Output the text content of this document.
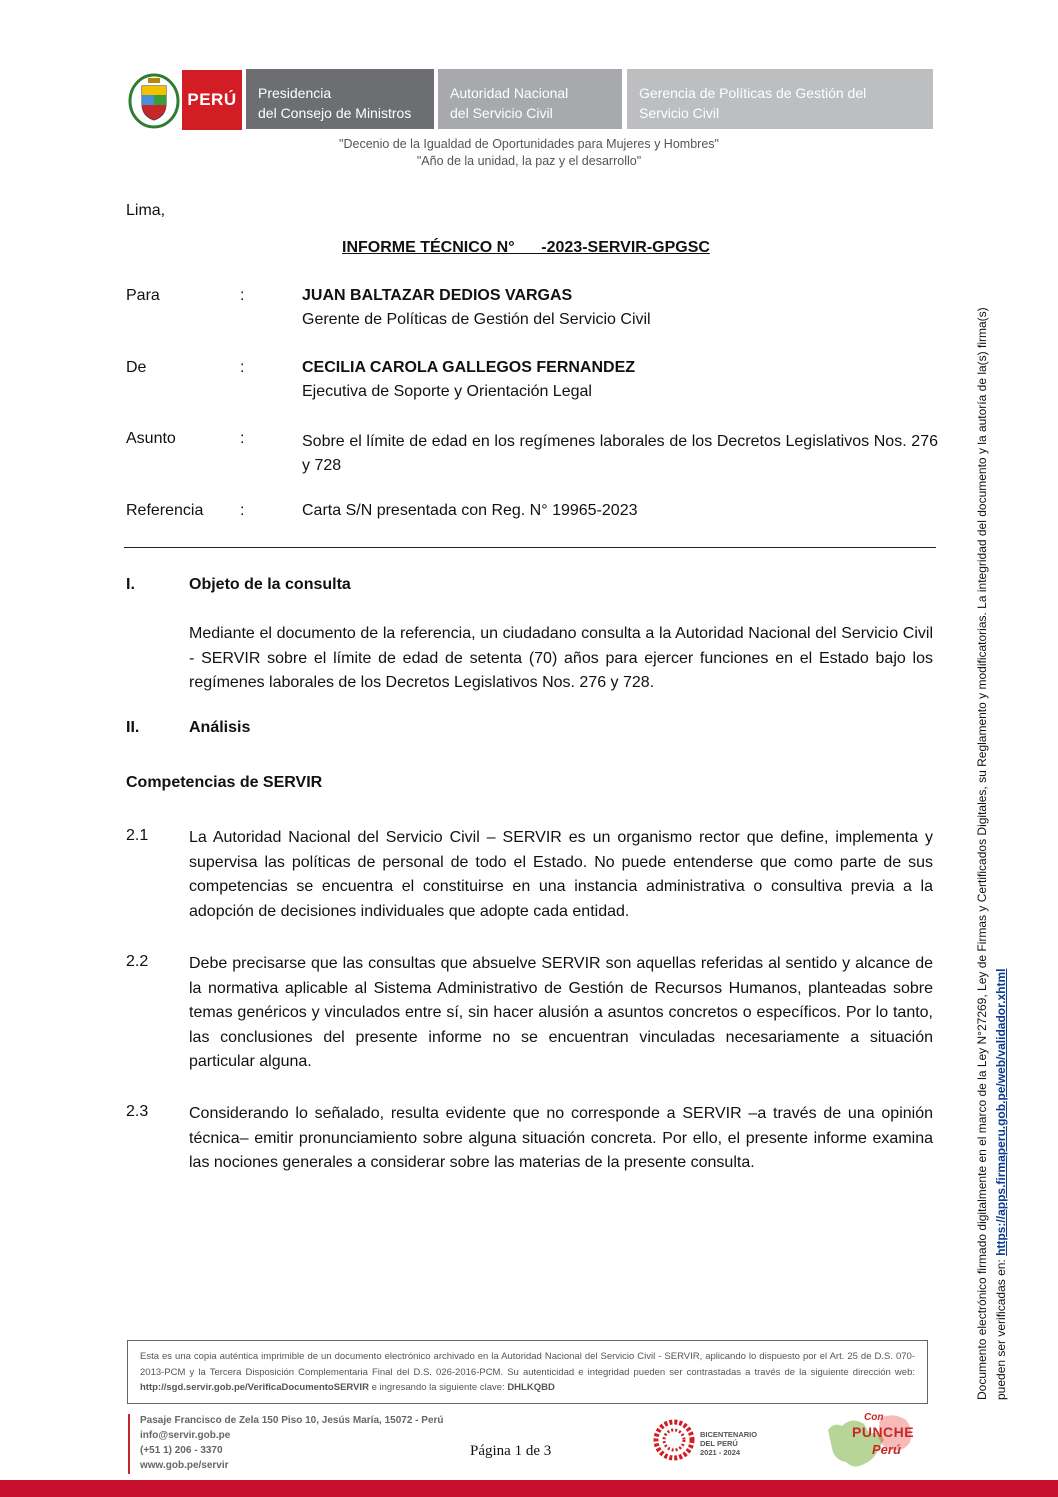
PERÚ Presidencia
del Consejo de Ministros
Autoridad Nacional
del Servicio Civil
Gerencia de Políticas de Gestión del
Servicio Civil
"Decenio de la Igualdad de Oportunidades para Mujeres y Hombres"
"Año de la unidad, la paz y el desarrollo"
Lima,
INFORME TÉCNICO N°      -2023-SERVIR-GPGSC
Para	:	JUAN BALTAZAR DEDIOS VARGAS
Gerente de Políticas de Gestión del Servicio Civil
De	:	CECILIA CAROLA GALLEGOS FERNANDEZ
Ejecutiva de Soporte y Orientación Legal
Asunto	:	Sobre el límite de edad en los regímenes laborales de los Decretos Legislativos Nos. 276 y 728
Referencia :	Carta S/N presentada con Reg. N° 19965-2023
I.	Objeto de la consulta
Mediante el documento de la referencia, un ciudadano consulta a la Autoridad Nacional del Servicio Civil - SERVIR sobre el límite de edad de setenta (70) años para ejercer funciones en el Estado bajo los regímenes laborales de los Decretos Legislativos Nos. 276 y 728.
II.	Análisis
Competencias de SERVIR
2.1	La Autoridad Nacional del Servicio Civil – SERVIR es un organismo rector que define, implementa y supervisa las políticas de personal de todo el Estado. No puede entenderse que como parte de sus competencias se encuentra el constituirse en una instancia administrativa o consultiva previa a la adopción de decisiones individuales que adopte cada entidad.
2.2	Debe precisarse que las consultas que absuelve SERVIR son aquellas referidas al sentido y alcance de la normativa aplicable al Sistema Administrativo de Gestión de Recursos Humanos, planteadas sobre temas genéricos y vinculados entre sí, sin hacer alusión a asuntos concretos o específicos. Por lo tanto, las conclusiones del presente informe no se encuentran vinculadas necesariamente a situación particular alguna.
2.3	Considerando lo señalado, resulta evidente que no corresponde a SERVIR –a través de una opinión técnica– emitir pronunciamiento sobre alguna situación concreta. Por ello, el presente informe examina las nociones generales a considerar sobre las materias de la presente consulta.
Esta es una copia auténtica imprimible de un documento electrónico archivado en la Autoridad Nacional del Servicio Civil - SERVIR, aplicando lo dispuesto por el Art. 25 de D.S. 070-2013-PCM y la Tercera Disposición Complementaria Final del D.S. 026-2016-PCM. Su autenticidad e integridad pueden ser contrastadas a través de la siguiente dirección web: http://sgd.servir.gob.pe/VerificaDocumentoSERVIR e ingresando la siguiente clave: DHLKQBD
Pasaje Francisco de Zela 150 Piso 10, Jesús María, 15072 - Perú
info@servir.gob.pe
(+51 1) 206 - 3370
www.gob.pe/servir
Página 1 de 3
BICENTENARIO
DEL PERÚ
2021 - 2024
Con
PUNCHE
Perú
Documento electrónico firmado digitalmente en el marco de la Ley N°27269, Ley de Firmas y Certificados Digitales, su Reglamento y modificatorias. La integridad del documento y la autoría de la(s) firma(s) pueden ser verificadas en: https://apps.firmaperu.gob.pe/web/validador.xhtml
